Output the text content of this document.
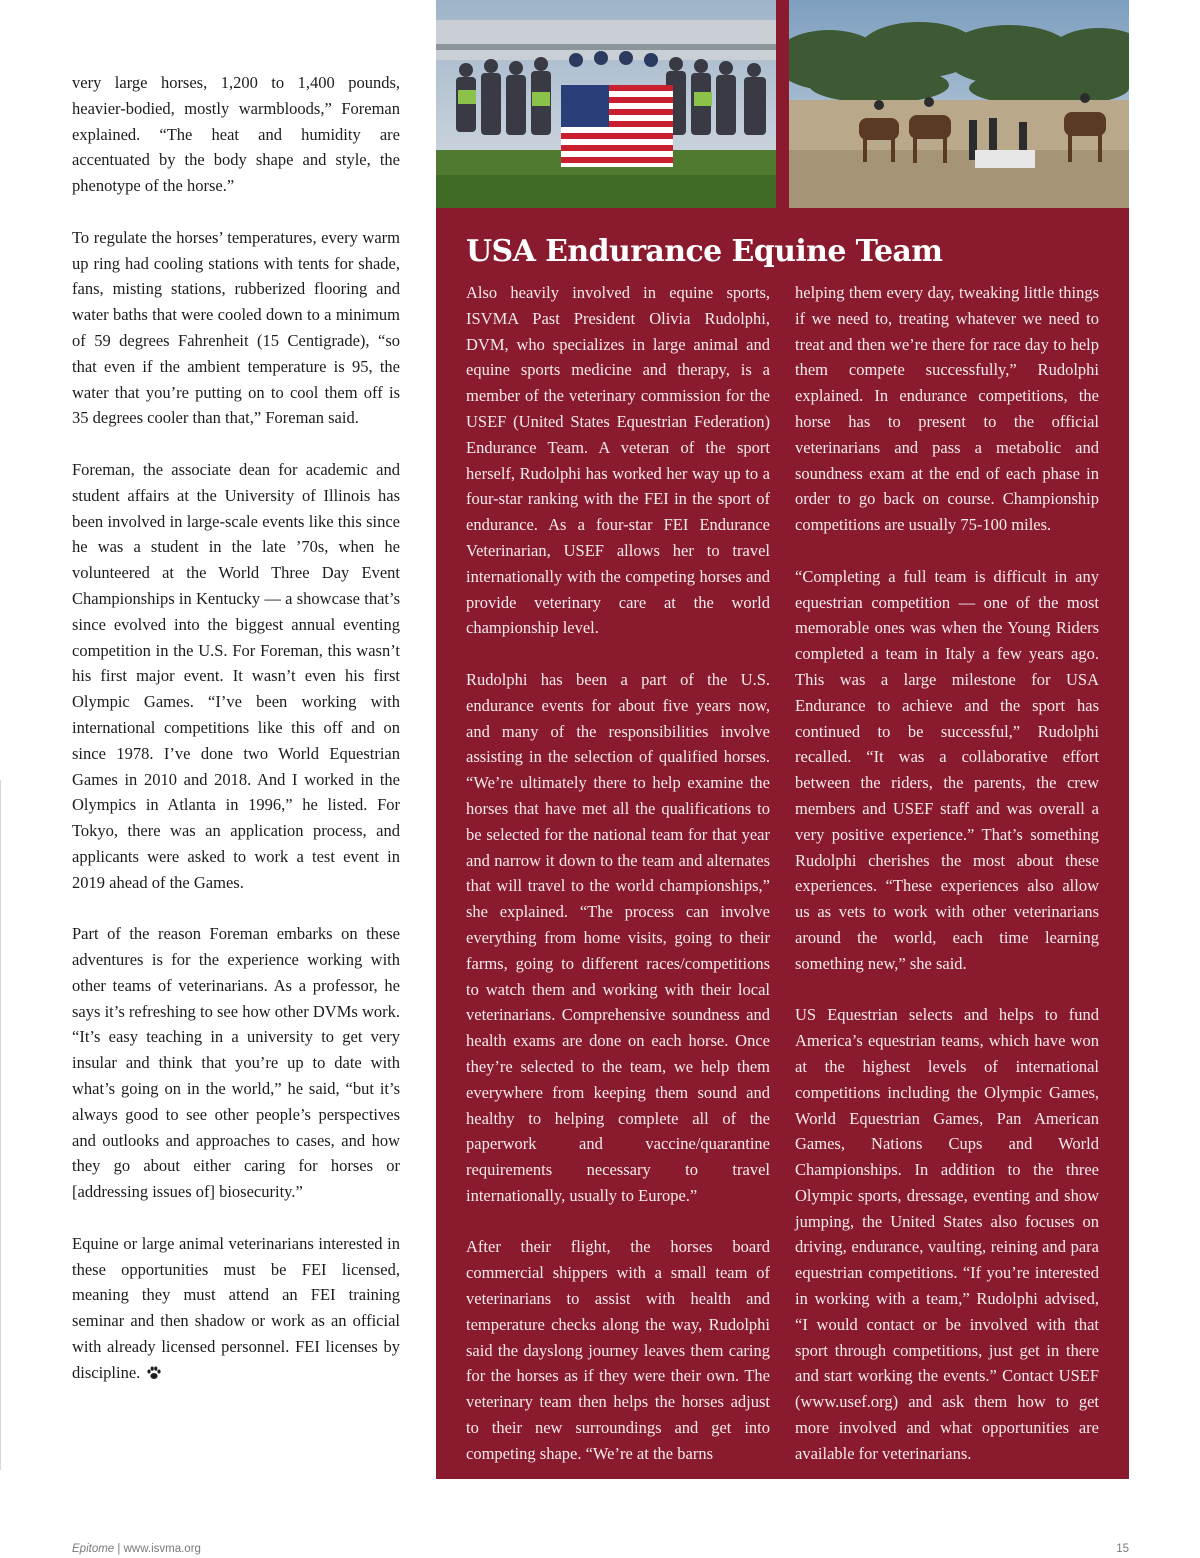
very large horses, 1,200 to 1,400 pounds, heavier-bodied, mostly warmbloods,” Foreman explained. “The heat and humidity are accentuated by the body shape and style, the phenotype of the horse.”

To regulate the horses’ temperatures, every warm up ring had cooling stations with tents for shade, fans, misting stations, rubberized flooring and water baths that were cooled down to a minimum of 59 degrees Fahrenheit (15 Centigrade), “so that even if the ambient temperature is 95, the water that you’re putting on to cool them off is 35 degrees cooler than that,” Foreman said.

Foreman, the associate dean for academic and student affairs at the University of Illinois has been involved in large-scale events like this since he was a student in the late ’70s, when he volunteered at the World Three Day Event Championships in Kentucky — a showcase that’s since evolved into the biggest annual eventing competition in the U.S. For Foreman, this wasn’t his first major event. It wasn’t even his first Olympic Games. “I’ve been working with international competitions like this off and on since 1978. I’ve done two World Equestrian Games in 2010 and 2018. And I worked in the Olympics in Atlanta in 1996,” he listed. For Tokyo, there was an application process, and applicants were asked to work a test event in 2019 ahead of the Games.

Part of the reason Foreman embarks on these adventures is for the experience working with other teams of veterinarians. As a professor, he says it’s refreshing to see how other DVMs work. “It’s easy teaching in a university to get very insular and think that you’re up to date with what’s going on in the world,” he said, “but it’s always good to see other people’s perspectives and outlooks and approaches to cases, and how they go about either caring for horses or [addressing issues of] biosecurity.”

Equine or large animal veterinarians interested in these opportunities must be FEI licensed, meaning they must attend an FEI training seminar and then shadow or work as an official with already licensed personnel. FEI licenses by discipline.

USA Endurance Equine Team

Also heavily involved in equine sports, ISVMA Past President Olivia Rudolphi, DVM, who specializes in large animal and equine sports medicine and therapy, is a member of the veterinary commission for the USEF (United States Equestrian Federation) Endurance Team. A veteran of the sport herself, Rudolphi has worked her way up to a four-star ranking with the FEI in the sport of endurance. As a four-star FEI Endurance Veterinarian, USEF allows her to travel internationally with the competing horses and provide veterinary care at the world championship level.

Rudolphi has been a part of the U.S. endurance events for about five years now, and many of the responsibilities involve assisting in the selection of qualified horses. “We’re ultimately there to help examine the horses that have met all the qualifications to be selected for the national team for that year and narrow it down to the team and alternates that will travel to the world championships,” she explained. “The process can involve everything from home visits, going to their farms, going to different races/competitions to watch them and working with their local veterinarians. Comprehensive soundness and health exams are done on each horse. Once they’re selected to the team, we help them everywhere from keeping them sound and healthy to helping complete all of the paperwork and vaccine/quarantine requirements necessary to travel internationally, usually to Europe.”

After their flight, the horses board commercial shippers with a small team of veterinarians to assist with health and temperature checks along the way, Rudolphi said the dayslong journey leaves them caring for the horses as if they were their own. The veterinary team then helps the horses adjust to their new surroundings and get into competing shape. “We’re at the barns

helping them every day, tweaking little things if we need to, treating whatever we need to treat and then we’re there for race day to help them compete successfully,” Rudolphi explained. In endurance competitions, the horse has to present to the official veterinarians and pass a metabolic and soundness exam at the end of each phase in order to go back on course. Championship competitions are usually 75-100 miles.

“Completing a full team is difficult in any equestrian competition — one of the most memorable ones was when the Young Riders completed a team in Italy a few years ago. This was a large milestone for USA Endurance to achieve and the sport has continued to be successful,” Rudolphi recalled. “It was a collaborative effort between the riders, the parents, the crew members and USEF staff and was overall a very positive experience.” That’s something Rudolphi cherishes the most about these experiences. “These experiences also allow us as vets to work with other veterinarians around the world, each time learning something new,” she said.

US Equestrian selects and helps to fund America’s equestrian teams, which have won at the highest levels of international competitions including the Olympic Games, World Equestrian Games, Pan American Games, Nations Cups and World Championships. In addition to the three Olympic sports, dressage, eventing and show jumping, the United States also focuses on driving, endurance, vaulting, reining and para equestrian competitions. “If you’re interested in working with a team,” Rudolphi advised, “I would contact or be involved with that sport through competitions, just get in there and start working the events.” Contact USEF (www.usef.org) and ask them how to get more involved and what opportunities are available for veterinarians.

Epitome | www.isvma.org	15
